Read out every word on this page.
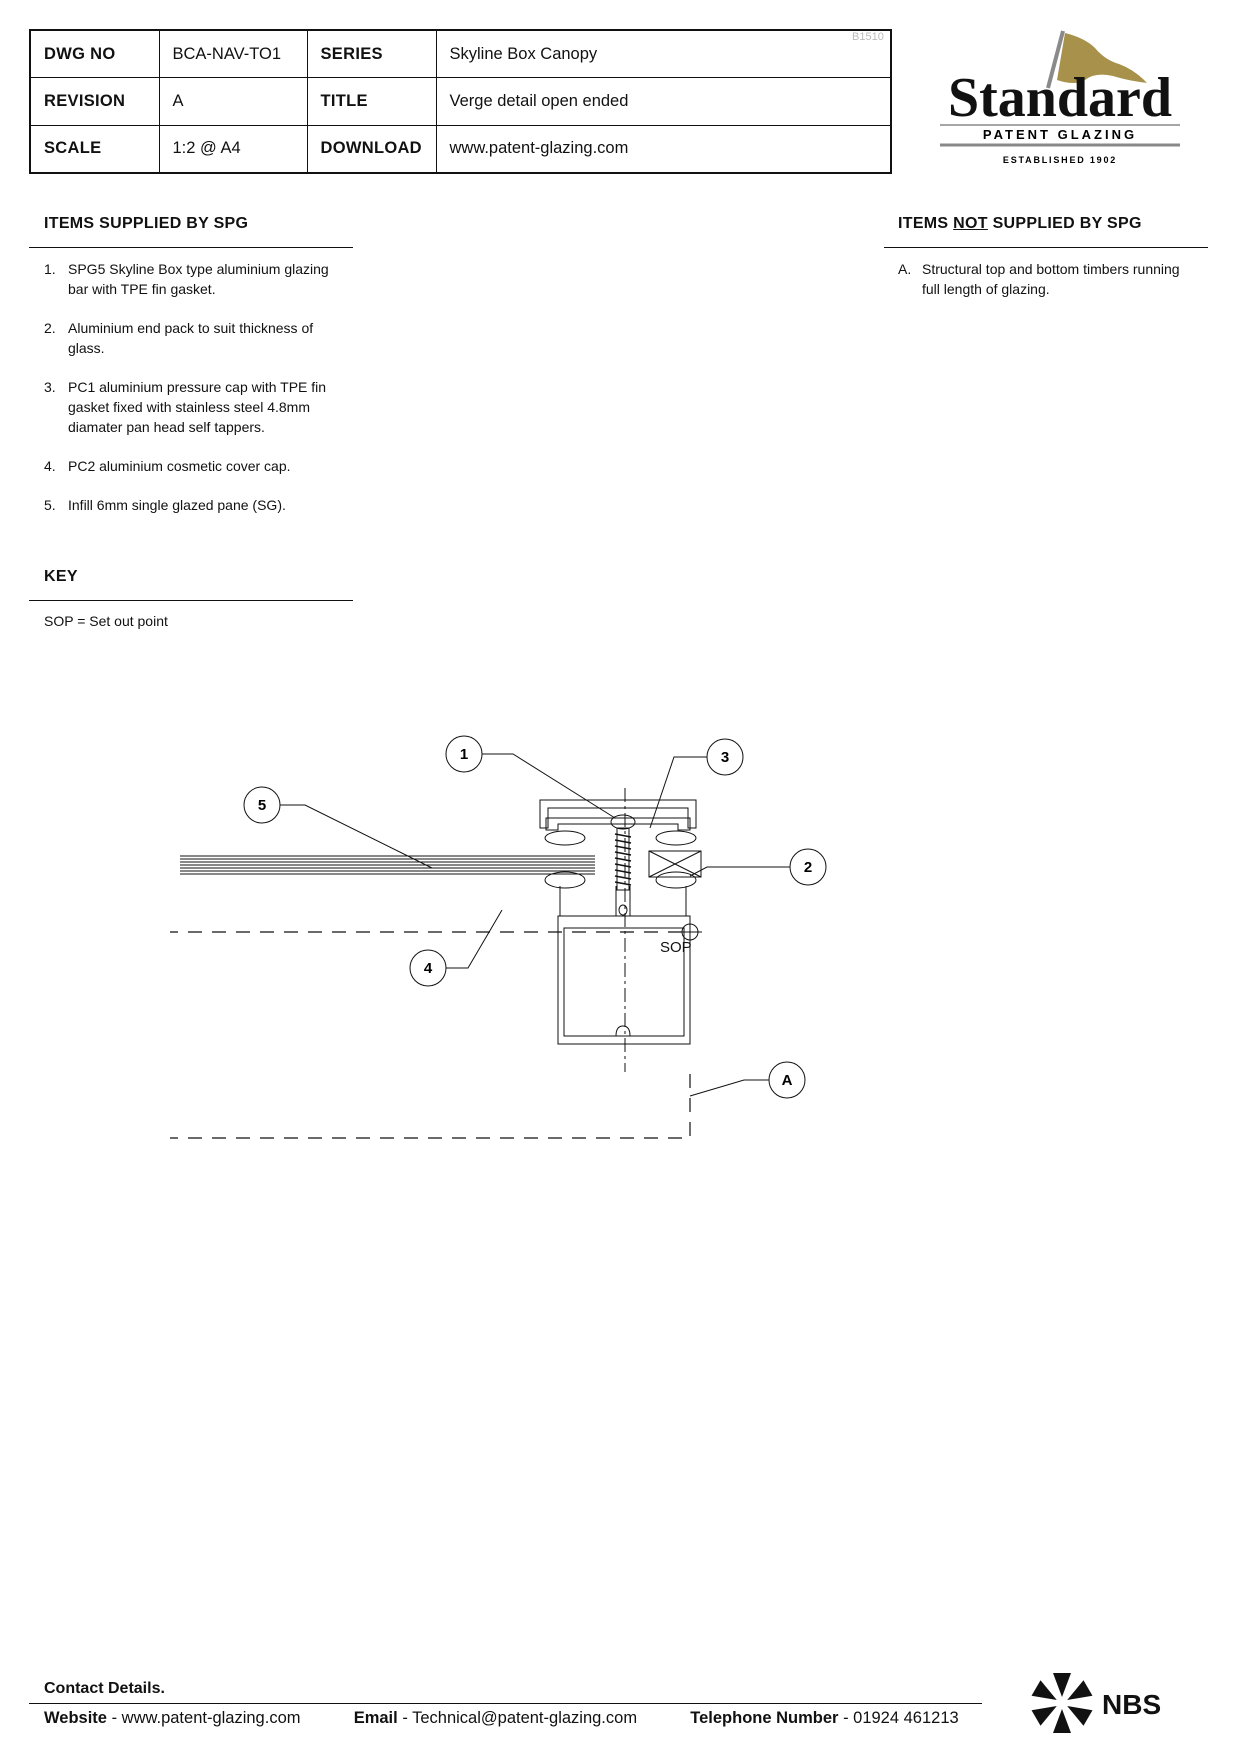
DWG NO	BCA-NAV-TO1	SERIES	Skyline Box Canopy
REVISION	A	TITLE	Verge detail open ended
SCALE	1:2 @ A4	DOWNLOAD	www.patent-glazing.com
B1510
Standard
PATENT GLAZING
ESTABLISHED 1902
ITEMS SUPPLIED BY SPG
1. SPG5 Skyline Box type aluminium glazing bar with TPE fin gasket.
2. Aluminium end pack to suit thickness of glass.
3. PC1 aluminium pressure cap with TPE fin gasket fixed with stainless steel 4.8mm diamater pan head self tappers.
4. PC2 aluminium cosmetic cover cap.
5. Infill 6mm single glazed pane (SG).
ITEMS NOT SUPPLIED BY SPG
A. Structural top and bottom timbers running full length of glazing.
KEY
SOP = Set out point
SOP
1	3
2
5
4
A
Contact Details.
Website - www.patent-glazing.com	Email - Technical@patent-glazing.com	Telephone Number - 01924 461213	NBS
